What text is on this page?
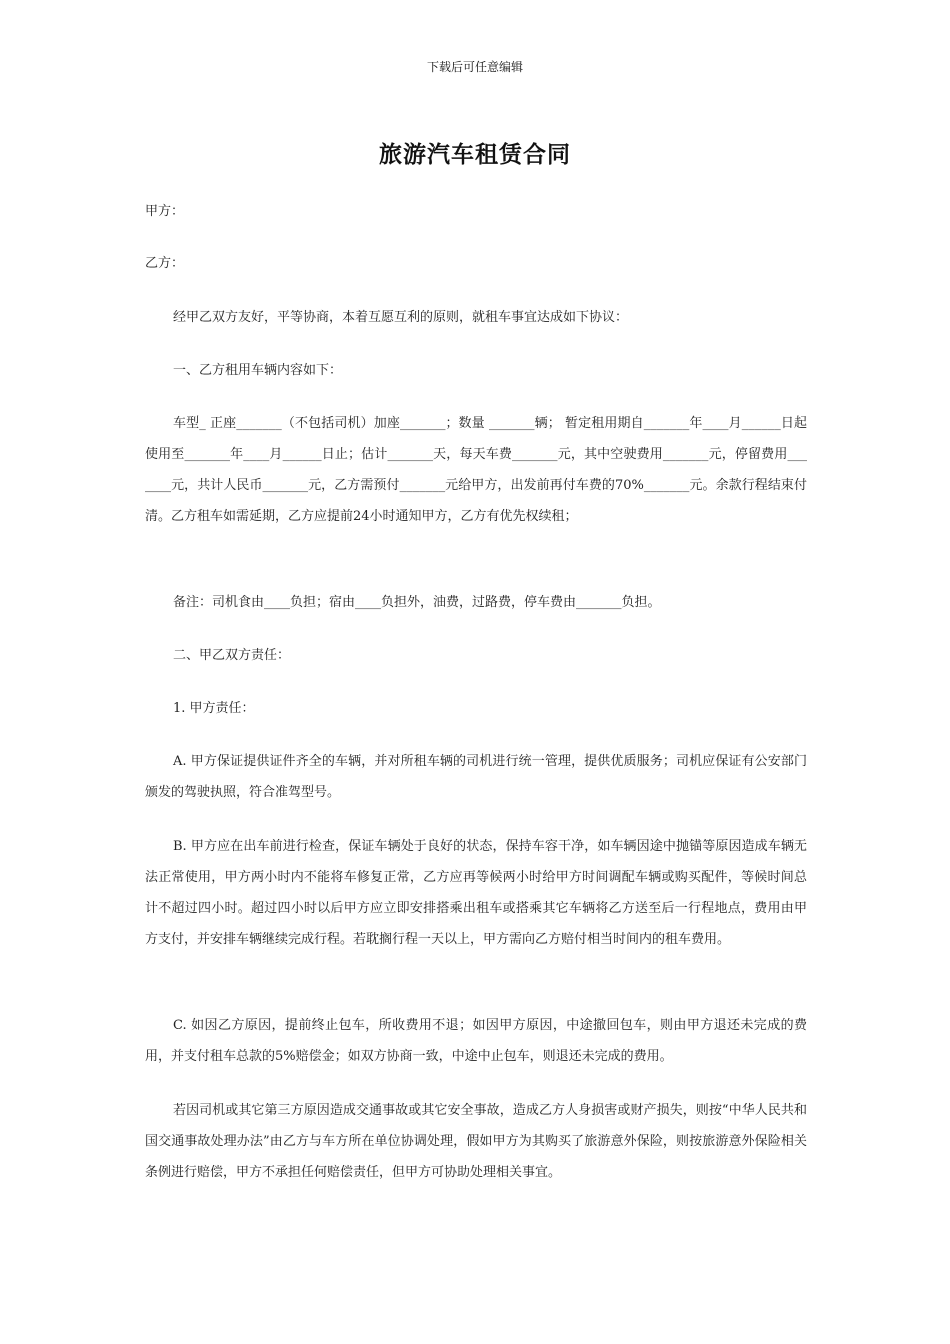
下载后可任意编辑
旅游汽车租赁合同

甲方：

乙方：

经甲乙双方友好，平等协商，本着互愿互利的原则，就租车事宜达成如下协议：

一、乙方租用车辆内容如下：

车型_ 正座_______（不包括司机）加座_______；数量 _______辆； 暂定租用期自_______年____月______日起使用至_______年____月______日止；估计_______天，每天车费_______元，其中空驶费用_______元，停留费用_______元，共计人民币_______元，乙方需预付_______元给甲方，出发前再付车费的70%_______元。余款行程结束付清。乙方租车如需延期，乙方应提前24小时通知甲方，乙方有优先权续租；

备注：司机食由____负担；宿由____负担外，油费，过路费，停车费由_______负担。

二、甲乙双方责任：

1. 甲方责任：

A. 甲方保证提供证件齐全的车辆，并对所租车辆的司机进行统一管理，提供优质服务；司机应保证有公安部门颁发的驾驶执照，符合准驾型号。

B. 甲方应在出车前进行检查，保证车辆处于良好的状态，保持车容干净，如车辆因途中抛锚等原因造成车辆无法正常使用，甲方两小时内不能将车修复正常，乙方应再等候两小时给甲方时间调配车辆或购买配件，等候时间总计不超过四小时。超过四小时以后甲方应立即安排搭乘出租车或搭乘其它车辆将乙方送至后一行程地点，费用由甲方支付，并安排车辆继续完成行程。若耽搁行程一天以上，甲方需向乙方赔付相当时间内的租车费用。

C. 如因乙方原因，提前终止包车，所收费用不退；如因甲方原因，中途撤回包车，则由甲方退还未完成的费用，并支付租车总款的5%赔偿金；如双方协商一致，中途中止包车，则退还未完成的费用。

若因司机或其它第三方原因造成交通事故或其它安全事故，造成乙方人身损害或财产损失，则按“中华人民共和国交通事故处理办法”由乙方与车方所在单位协调处理，假如甲方为其购买了旅游意外保险，则按旅游意外保险相关条例进行赔偿，甲方不承担任何赔偿责任，但甲方可协助处理相关事宜。
